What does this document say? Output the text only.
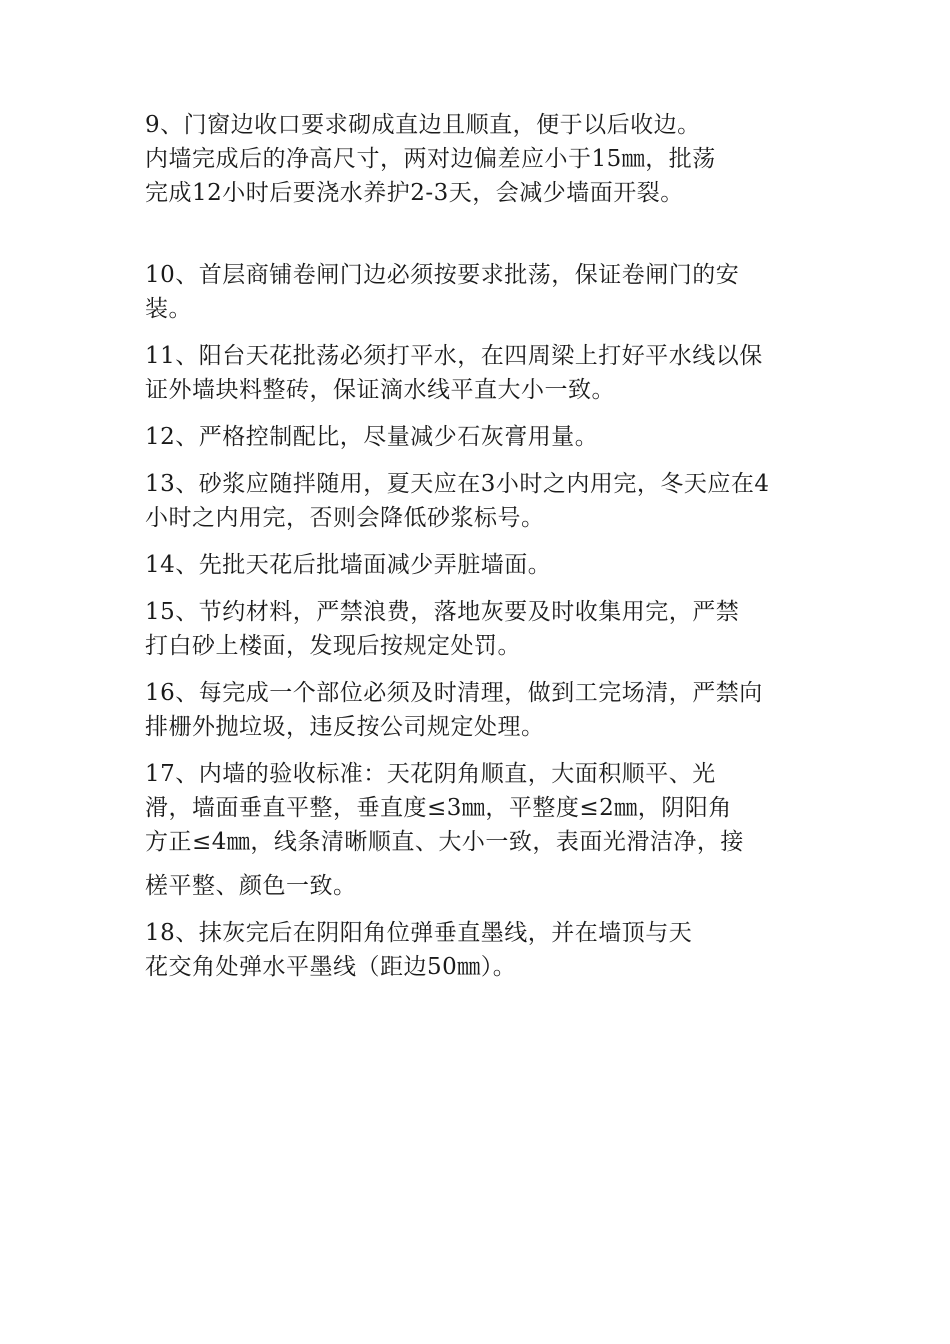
9、门窗边收口要求砌成直边且顺直，便于以后收边。
内墙完成后的净高尺寸，两对边偏差应小于15㎜，批荡
完成12小时后要浇水养护2-3天，会减少墙面开裂。

10、首层商铺卷闸门边必须按要求批荡，保证卷闸门的安
装。

11、阳台天花批荡必须打平水，在四周梁上打好平水线以保
证外墙块料整砖，保证滴水线平直大小一致。

12、严格控制配比，尽量减少石灰膏用量。

13、砂浆应随拌随用，夏天应在3小时之内用完，冬天应在4
小时之内用完，否则会降低砂浆标号。

14、先批天花后批墙面减少弄脏墙面。

15、节约材料，严禁浪费，落地灰要及时收集用完，严禁
打白砂上楼面，发现后按规定处罚。

16、每完成一个部位必须及时清理，做到工完场清，严禁向
排栅外抛垃圾，违反按公司规定处理。

17、内墙的验收标准：天花阴角顺直，大面积顺平、光
滑，墙面垂直平整，垂直度≤3㎜，平整度≤2㎜，阴阳角
方正≤4㎜，线条清晰顺直、大小一致，表面光滑洁净，接
槎平整、颜色一致。

18、抹灰完后在阴阳角位弹垂直墨线，并在墙顶与天
花交角处弹水平墨线（距边50㎜）。
